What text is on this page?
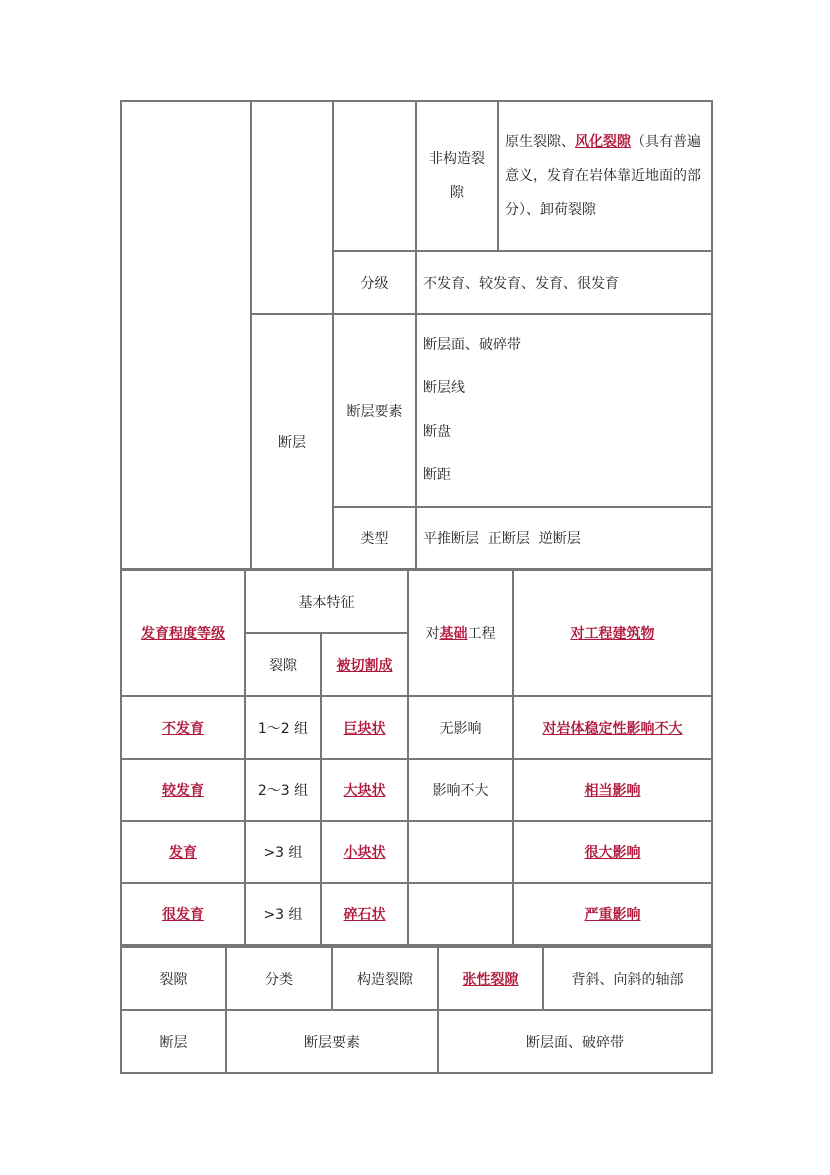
			非构造裂隙	原生裂隙、风化裂隙（具有普遍意义，发育在岩体靠近地面的部分）、卸荷裂隙
		分级	不发育、较发育、发育、很发育	
	断层	断层要素	断层面、破碎带
断层线
断盘
断距	

		类型	平推断层  正断层  逆断层	
发育程度等级	基本特征		对基础工程	对工程建筑物
	裂隙	被切割成		
不发育	1～2 组	巨块状	无影响	对岩体稳定性影响不大
较发育	2～3 组	大块状	影响不大	相当影响
发育	>3 组	小块状		很大影响
很发育	>3 组	碎石状		严重影响
裂隙	分类	构造裂隙	张性裂隙	背斜、向斜的轴部
断层	断层要素		断层面、破碎带	
